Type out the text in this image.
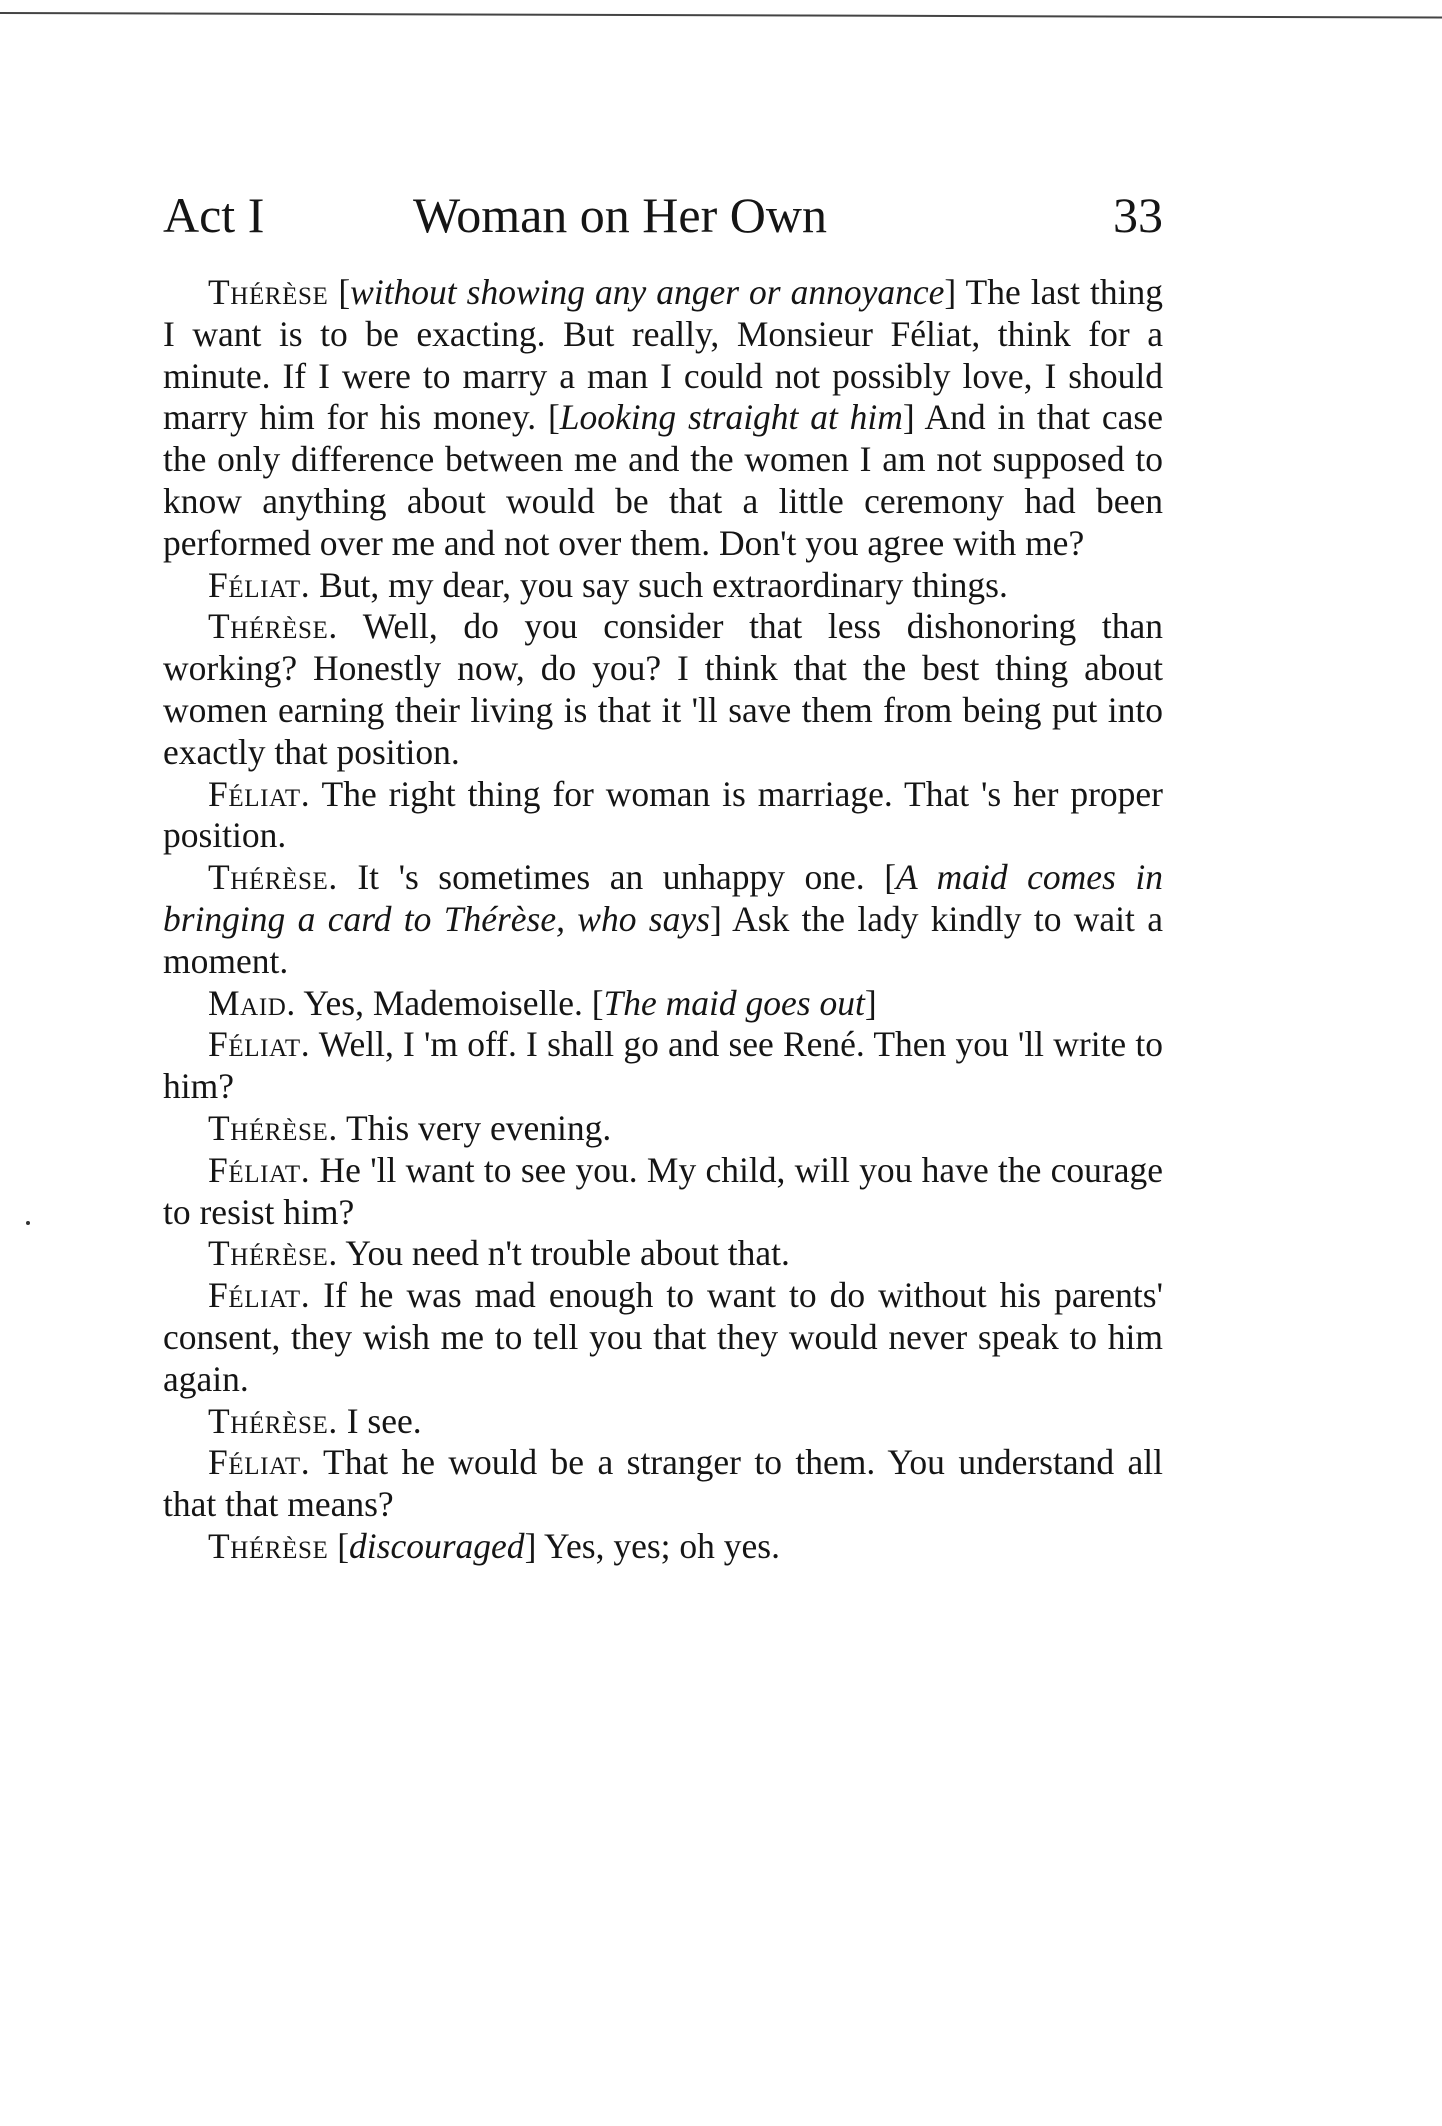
Act I	Woman on Her Own	33

Thérèse [without showing any anger or annoyance] The last thing I want is to be exacting. But really, Monsieur Féliat, think for a minute. If I were to marry a man I could not possibly love, I should marry him for his money. [Looking straight at him] And in that case the only difference between me and the women I am not supposed to know anything about would be that a little ceremony had been performed over me and not over them. Don't you agree with me?

Féliat. But, my dear, you say such extraordinary things.

Thérèse. Well, do you consider that less dishonoring than working? Honestly now, do you? I think that the best thing about women earning their living is that it 'll save them from being put into exactly that position.

Féliat. The right thing for woman is marriage. That 's her proper position.

Thérèse. It 's sometimes an unhappy one. [A maid comes in bringing a card to Thérèse, who says] Ask the lady kindly to wait a moment.

Maid. Yes, Mademoiselle. [The maid goes out]

Féliat. Well, I 'm off. I shall go and see René. Then you 'll write to him?

Thérèse. This very evening.

Féliat. He 'll want to see you. My child, will you have the courage to resist him?

Thérèse. You need n't trouble about that.

Féliat. If he was mad enough to want to do without his parents' consent, they wish me to tell you that they would never speak to him again.

Thérèse. I see.

Féliat. That he would be a stranger to them. You understand all that that means?

Thérèse [discouraged] Yes, yes; oh yes.
